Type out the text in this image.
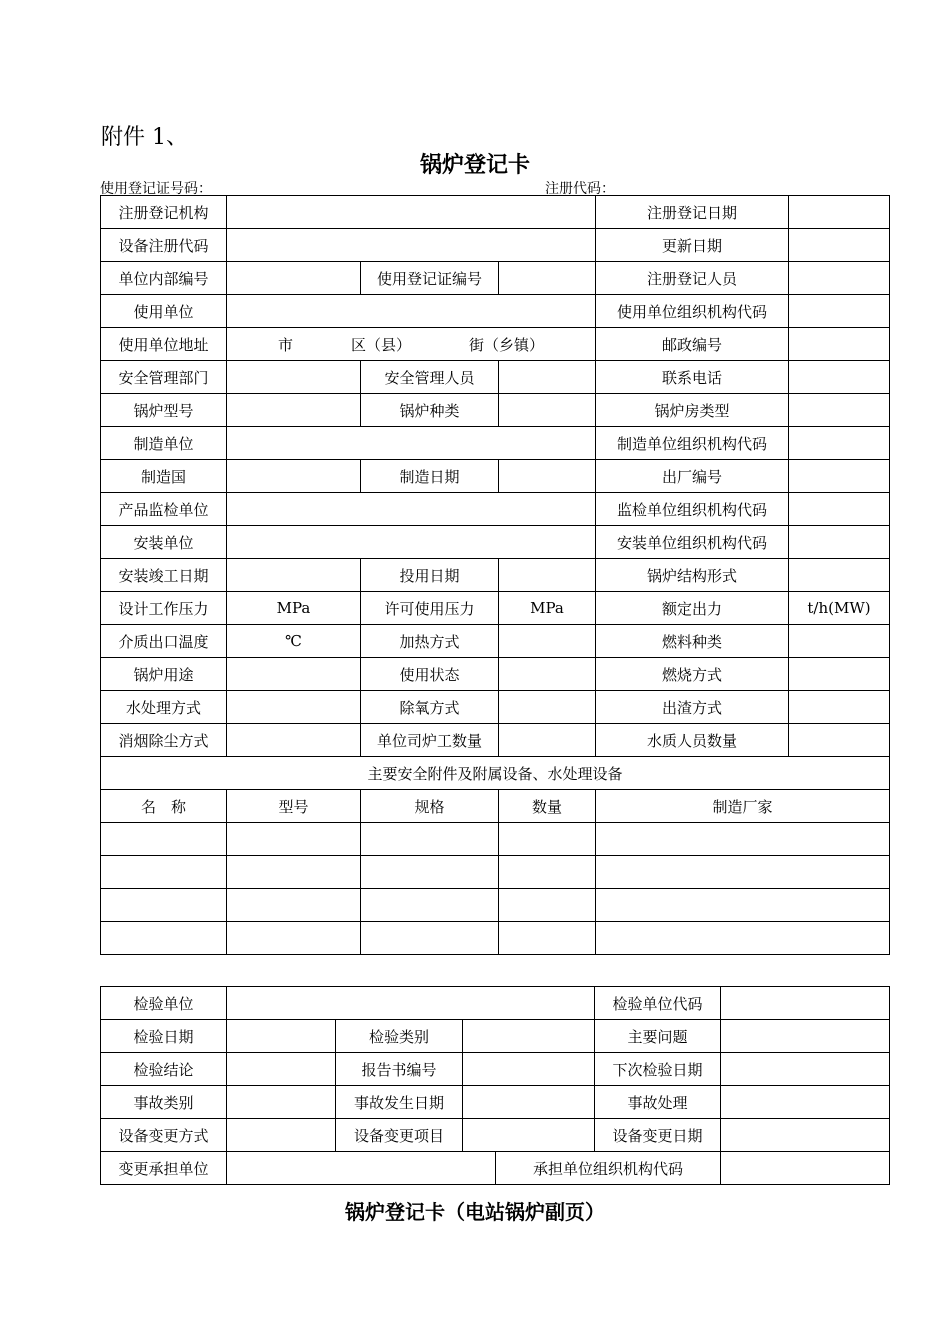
附件 1、
锅炉登记卡
使用登记证号码：	注册代码：
注册登记机构				注册登记日期	
设备注册代码				更新日期	
单位内部编号		使用登记证编号		注册登记人员	
使用单位				使用单位组织机构代码	
使用单位地址	市 区（县） 街（乡镇）			邮政编号	
安全管理部门		安全管理人员		联系电话	
锅炉型号		锅炉种类		锅炉房类型	
制造单位				制造单位组织机构代码	
制造国		制造日期		出厂编号	
产品监检单位				监检单位组织机构代码	
安装单位				安装单位组织机构代码	
安装竣工日期		投用日期		锅炉结构形式	
设计工作压力	MPa	许可使用压力	MPa	额定出力	t/h(MW)
介质出口温度	℃	加热方式		燃料种类	
锅炉用途		使用状态		燃烧方式	
水处理方式		除氧方式		出渣方式	
消烟除尘方式		单位司炉工数量		水质人员数量	
主要安全附件及附属设备、水处理设备					
名　称	型号	规格	数量	制造厂家	

检验单位					检验单位代码	
检验日期		检验类别			主要问题	
检验结论		报告书编号			下次检验日期	
事故类别		事故发生日期			事故处理	
设备变更方式		设备变更项目			设备变更日期	
变更承担单位				承担单位组织机构代码		
锅炉登记卡（电站锅炉副页）
